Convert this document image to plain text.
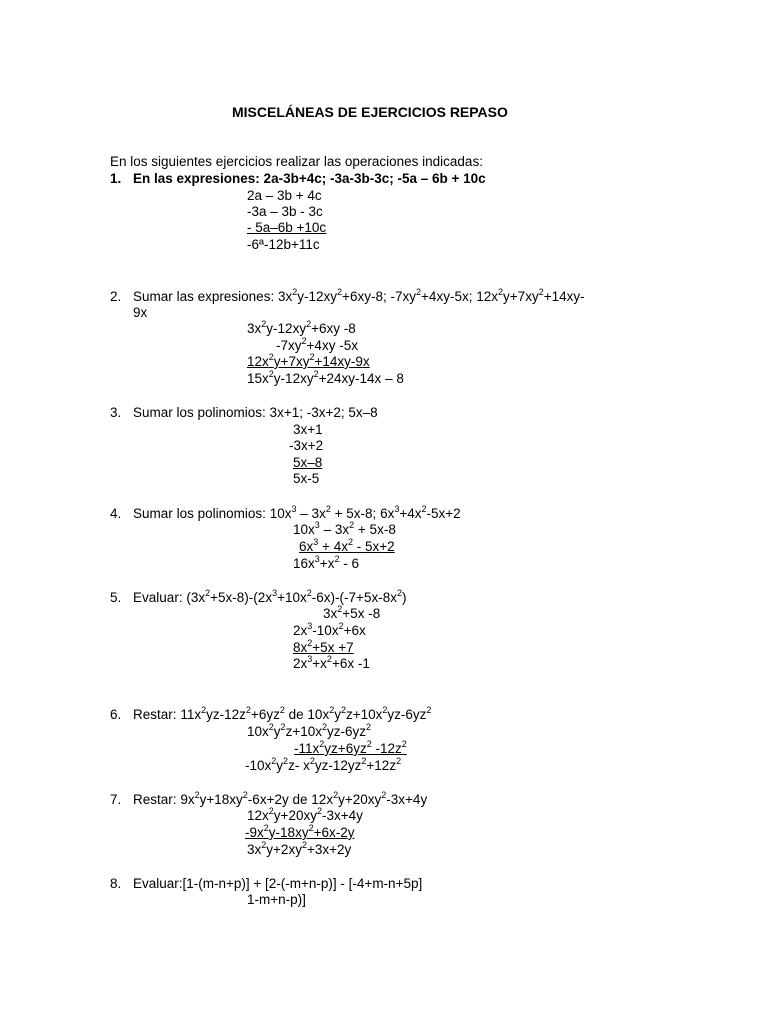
MISCELÁNEAS DE EJERCICIOS REPASO
En los siguientes ejercicios realizar las operaciones indicadas:
1. En las expresiones: 2a-3b+4c; -3a-3b-3c; -5a – 6b + 10c
2a – 3b + 4c
-3a – 3b - 3c
- 5a–6b +10c
-6ª-12b+11c
2. Sumar las expresiones: $3x^2y-12xy^2+6xy-8$; $-7xy^2+4xy-5x$; $12x^2y+7xy^2+14xy-$
9x
$3x^2y-12xy^2+6xy$ -8
$-7xy^2+4xy$ -5x
$12x^2y+7xy^2+14xy-9x$
$15x^2y-12xy^2+24xy-14x - 8$
3. Sumar los polinomios: 3x+1; -3x+2; 5x–8
3x+1
-3x+2
5x–8
5x-5
4. Sumar los polinomios: $10x^3 - 3x^2 + 5x-8$; $6x^3+4x^2-5x+2$
$10x^3 - 3x^2 + 5x-8$
$6x^3 + 4x^2 - 5x+2$
$16x^3+x^2 - 6$
5. Evaluar: $(3x^2+5x-8)-(2x^3+10x^2-6x)-(-7+5x-8x^2)$
$3x^2+5x$ -8
$2x^3-10x^2+6x$
$8x^2+5x +7$
$2x^3+x^2+6x$ -1
6. Restar: $11x^2yz-12z^2+6yz^2$ de $10x^2y^2z+10x^2yz-6yz^2$
$10x^2y^2z+10x^2yz-6yz^2$
$-11x^2yz+6yz^2$ $-12z^2$
$-10x^2y^2z-$ $x^2yz-12yz^2+12z^2$
7. Restar: $9x^2y+18xy^2-6x+2y$ de $12x^2y+20xy^2-3x+4y$
$12x^2y+20xy^2-3x+4y$
$-9x^2y-18xy^2+6x-2y$
$3x^2y+2xy^2+3x+2y$
8. Evaluar:[1-(m-n+p)] + [2-(-m+n-p)] - [-4+m-n+5p]
1-m+n-p)]
